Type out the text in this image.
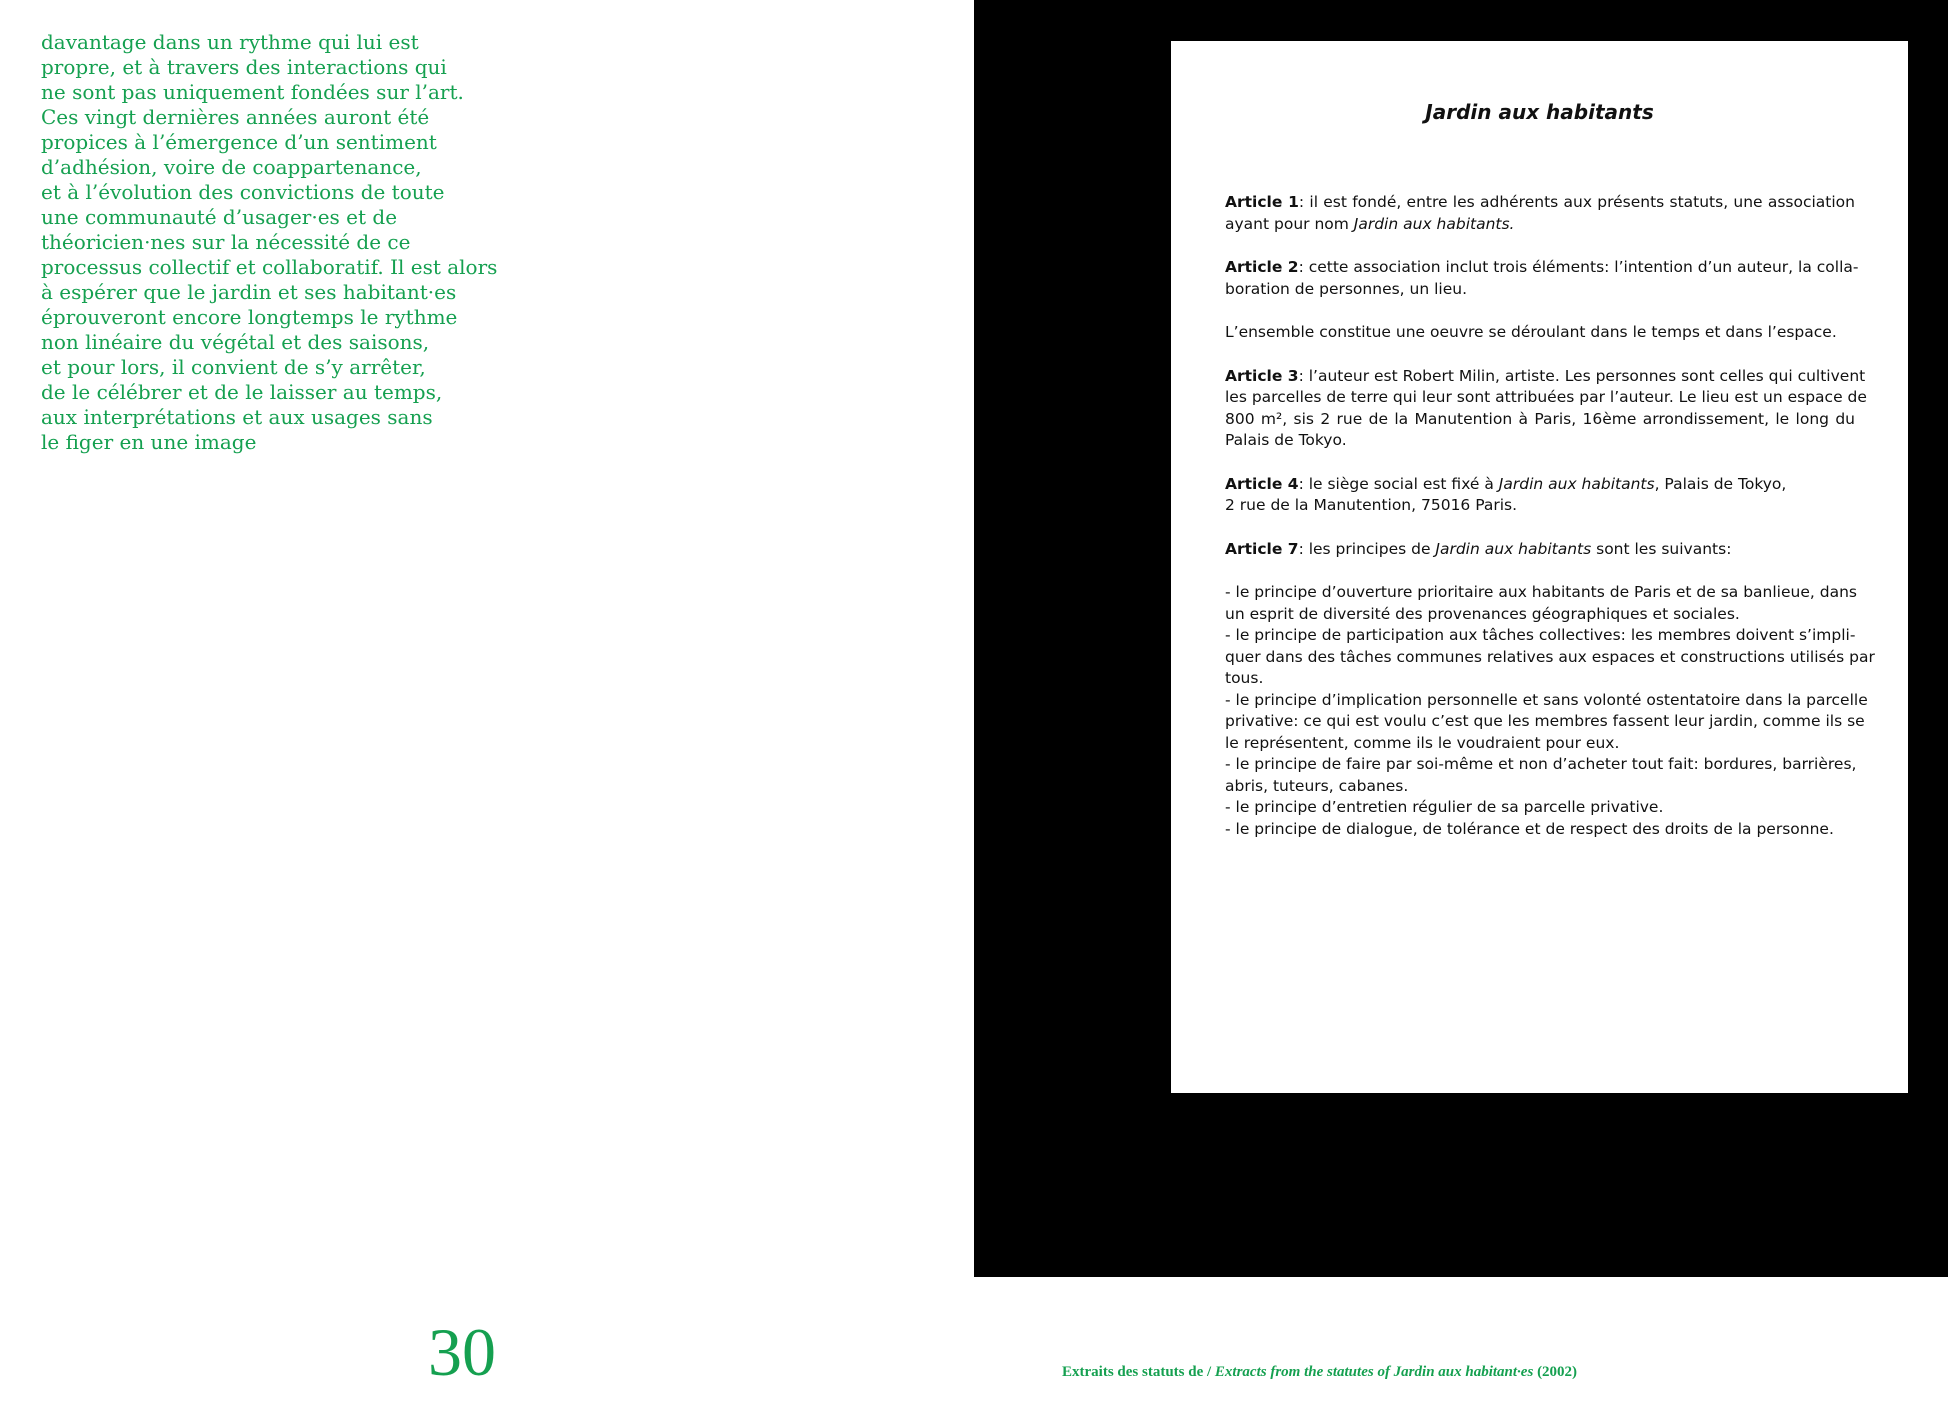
davantage dans un rythme qui lui est
propre, et à travers des interactions qui
ne sont pas uniquement fondées sur l’art.
Ces vingt dernières années auront été
propices à l’émergence d’un sentiment
d’adhésion, voire de coappartenance,
et à l’évolution des convictions de toute
une communauté d’usager·es et de
théoricien·nes sur la nécessité de ce
processus collectif et collaboratif. Il est alors
à espérer que le jardin et ses habitant·es
éprouveront encore longtemps le rythme
non linéaire du végétal et des saisons,
et pour lors, il convient de s’y arrêter,
de le célébrer et de le laisser au temps,
aux interprétations et aux usages sans
le figer en une image

30

Jardin aux habitants

Article 1: il est fondé, entre les adhérents aux présents statuts, une association
ayant pour nom Jardin aux habitants.
Article 2: cette association inclut trois éléments: l’intention d’un auteur, la colla-
boration de personnes, un lieu.
L’ensemble constitue une oeuvre se déroulant dans le temps et dans l’espace.
Article 3: l’auteur est Robert Milin, artiste. Les personnes sont celles qui cultivent
les parcelles de terre qui leur sont attribuées par l’auteur. Le lieu est un espace de
800 m², sis 2 rue de la Manutention à Paris, 16ème arrondissement, le long du
Palais de Tokyo.
Article 4: le siège social est fixé à Jardin aux habitants, Palais de Tokyo,
2 rue de la Manutention, 75016 Paris.
Article 7: les principes de Jardin aux habitants sont les suivants:
- le principe d’ouverture prioritaire aux habitants de Paris et de sa banlieue, dans
un esprit de diversité des provenances géographiques et sociales.
- le principe de participation aux tâches collectives: les membres doivent s’impli-
quer dans des tâches communes relatives aux espaces et constructions utilisés par
tous.
- le principe d’implication personnelle et sans volonté ostentatoire dans la parcelle
privative: ce qui est voulu c’est que les membres fassent leur jardin, comme ils se
le représentent, comme ils le voudraient pour eux.
- le principe de faire par soi-même et non d’acheter tout fait: bordures, barrières,
abris, tuteurs, cabanes.
- le principe d’entretien régulier de sa parcelle privative.
- le principe de dialogue, de tolérance et de respect des droits de la personne.

Extraits des statuts de / Extracts from the statutes of Jardin aux habitant·es (2002)
